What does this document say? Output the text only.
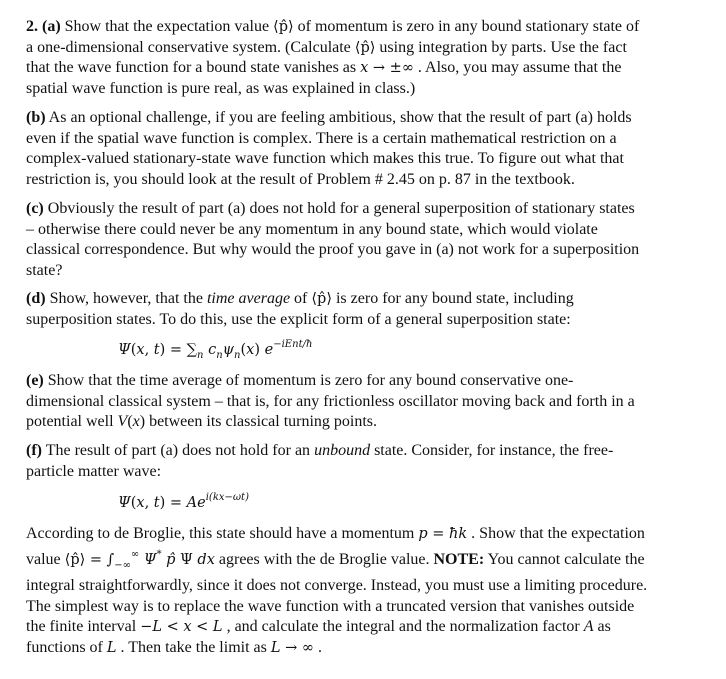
2. (a) Show that the expectation value ⟨p̂⟩ of momentum is zero in any bound stationary state of
a one-dimensional conservative system. (Calculate ⟨p̂⟩ using integration by parts. Use the fact
that the wave function for a bound state vanishes as x → ±∞ . Also, you may assume that the
spatial wave function is pure real, as was explained in class.)
(b) As an optional challenge, if you are feeling ambitious, show that the result of part (a) holds
even if the spatial wave function is complex. There is a certain mathematical restriction on a
complex-valued stationary-state wave function which makes this true. To figure out what that
restriction is, you should look at the result of Problem # 2.45 on p. 87 in the textbook.
(c) Obviously the result of part (a) does not hold for a general superposition of stationary states
– otherwise there could never be any momentum in any bound state, which would violate
classical correspondence. But why would the proof you gave in (a) not work for a superposition
state?
(d) Show, however, that the time average of ⟨p̂⟩ is zero for any bound state, including
superposition states. To do this, use the explicit form of a general superposition state:
Ψ(x, $t) = \sum_n$ $c_n\psi_n(x)$ $e^{-iEnt/ħ}$
(e) Show that the time average of momentum is zero for any bound conservative one-
dimensional classical system – that is, for any frictionless oscillator moving back and forth in a
potential well V(x) between its classical turning points.
(f) The result of part (a) does not hold for an unbound state. Consider, for instance, the free-
particle matter wave:
Ψ(x, $t) = Ae^{i(kx-\omega t)}$
According to de Broglie, this state should have a momentum p = ħk . Show that the expectation
value ⟨p̂⟩ = $\int_{-\infty}^\infty$ Ψ* p̂ Ψ dx agrees with the de Broglie value. NOTE: You cannot calculate the
integral straightforwardly, since it does not converge. Instead, you must use a limiting procedure.
The simplest way is to replace the wave function with a truncated version that vanishes outside
the finite interval −L < x < L , and calculate the integral and the normalization factor A as
functions of L . Then take the limit as L → ∞ .
